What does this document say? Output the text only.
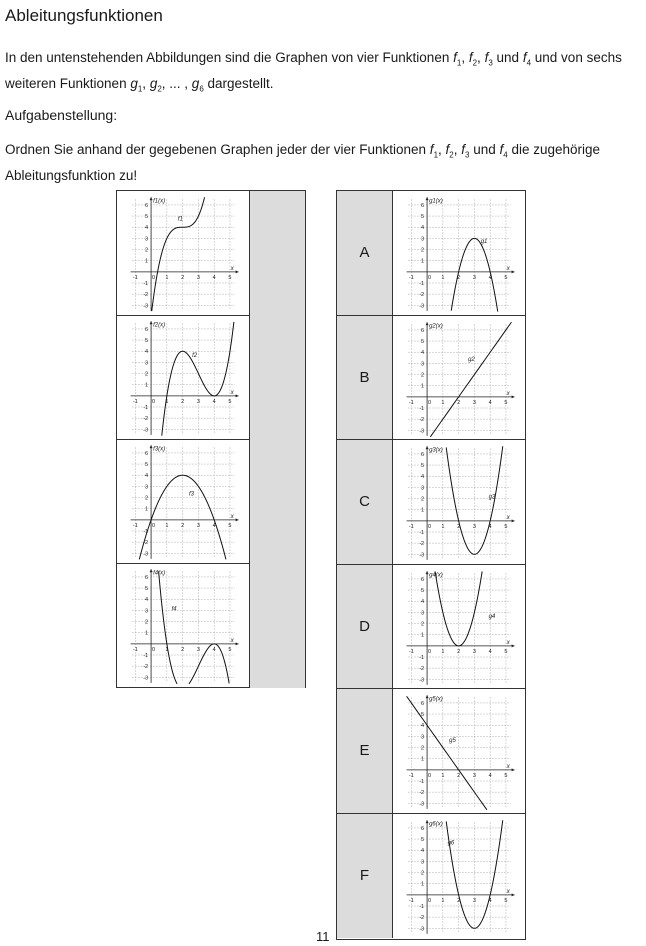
Ableitungsfunktionen
In den untenstehenden Abbildungen sind die Graphen von vier Funktionen $f_1$, $f_2$, $f_3$ und $f_4$ und von sechs weiteren Funktionen $g_1$, $g_2$, ... , $g_6$ dargestellt.
Aufgabenstellung:
Ordnen Sie anhand der gegebenen Graphen jeder der vier Funktionen $f_1$, $f_2$, $f_3$ und $f_4$ die zugehörige Ableitungsfunktion zu!
-1	0 1 2 3 4 5
6
5
4
3
2
1
-1
-2
-3
f1(x)
x
f1
-1	0 1 2 3 4 5
6
5
4
3
2
1
-1
-2
-3
f2(x)
x
f2
-1	0 1 2 3 4 5
6
5
4
3
2
1
-1
-2
-3
f3(x)
x
f3
-1	0 1 2 3 4 5
6
5
4
3
2
1
-1
-2
-3
f4(x)
x
f4
A
-1	0 1 2 3 4 5
6
5
4
3
2
1
-1
-2
-3
g1(x)
x
g1
B
-1	0 1 2 3 4 5
6
5
4
3
2
1
-1
-2
-3
g2(x)
x
g2
C
-1	0 1 2 3 4 5
6
5
4
3
2
1
-1
-2
-3
g3(x)
x
g3
D
-1	0 1 2 3 4 5
6
5
4
3
2
1
-1
-2
-3
g4(x)
x
g4
E
-1	0 1 2 3 4 5
6
5
4
3
2
1
-1
-2
-3
g5(x)
x
g5
F
-1	0 1 2 3 4 5
6
5
4
3
2
1
-1
-2
-3
g6(x)
x
g6
11
